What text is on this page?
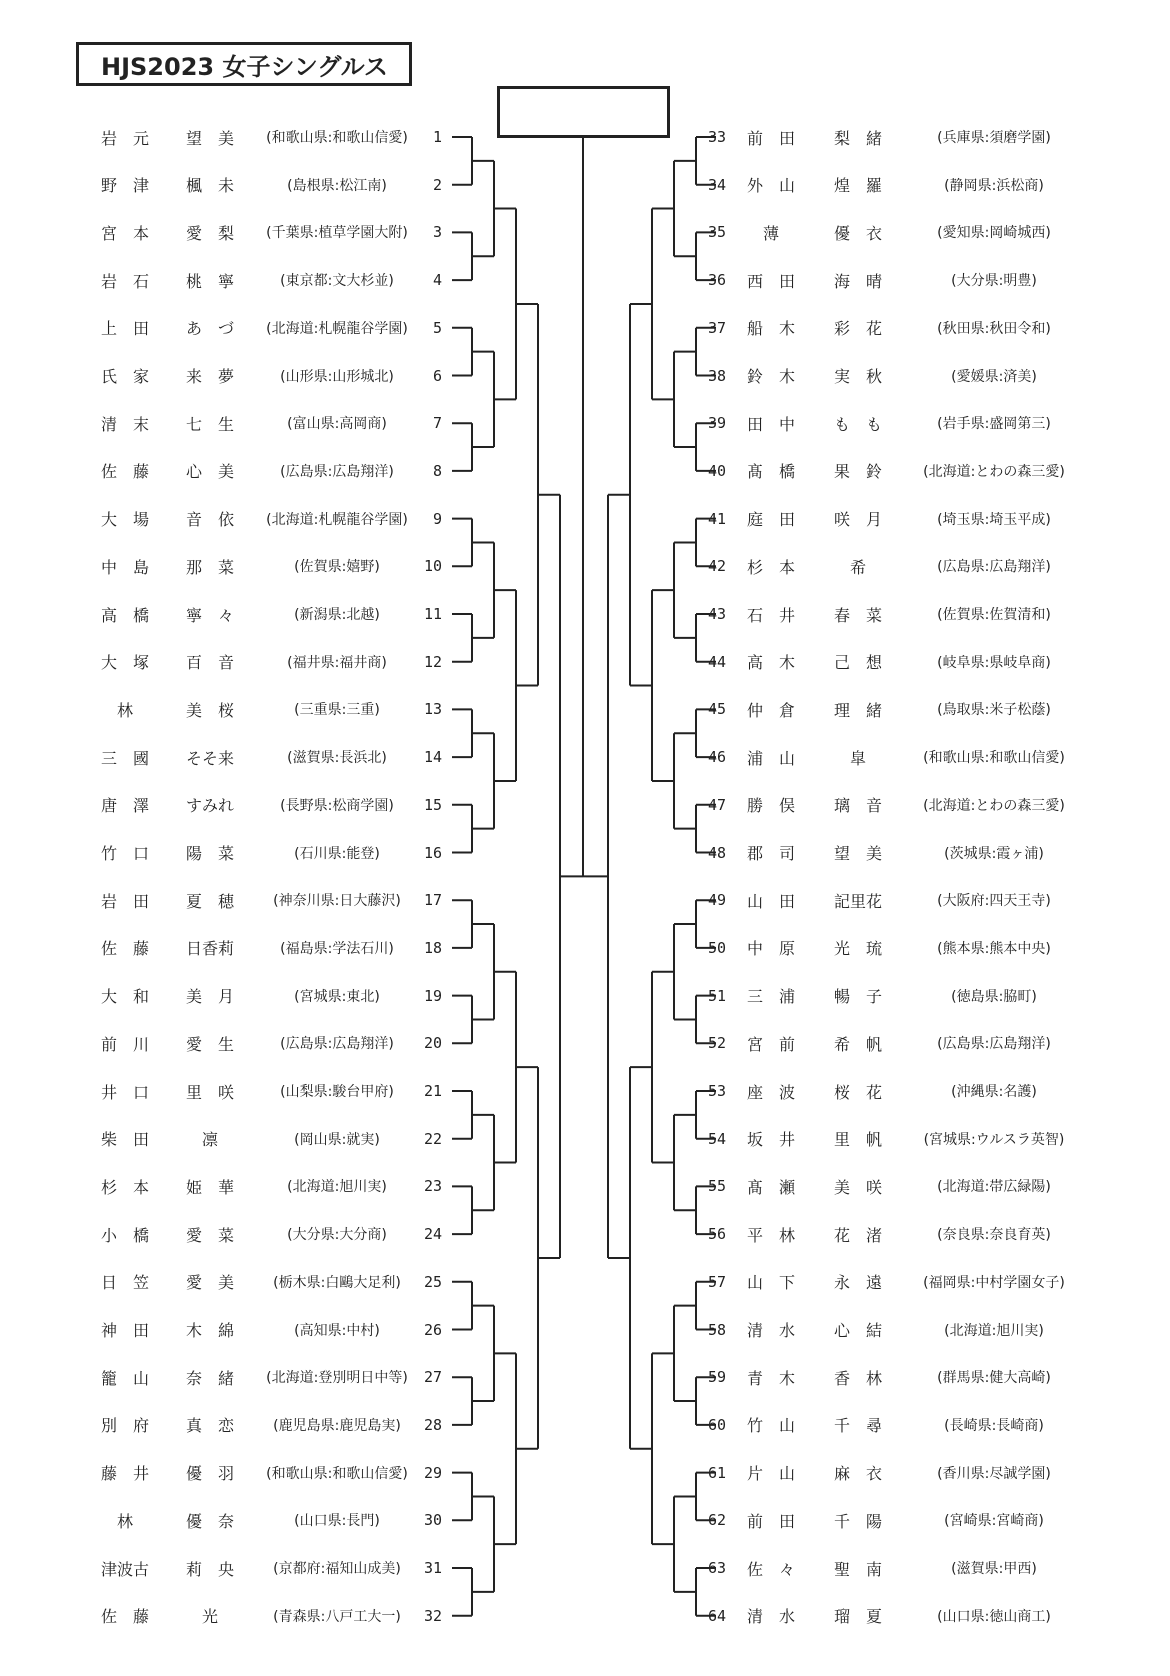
HJS2023 女子シングルス
岩　元	望　美	(和歌山県:和歌山信愛)	1
野　津	楓　未	(島根県:松江南)	2
宮　本	愛　梨	(千葉県:植草学園大附)	3
岩　石	桃　寧	(東京都:文大杉並)	4
上　田	あ　づ	(北海道:札幌龍谷学園)	5
氏　家	来　夢	(山形県:山形城北)	6
清　末	七　生	(富山県:高岡商)	7
佐　藤	心　美	(広島県:広島翔洋)	8
大　場	音　依	(北海道:札幌龍谷学園)	9
中　島	那　菜	(佐賀県:嬉野)	10
高　橋	寧　々	(新潟県:北越)	11
大　塚	百　音	(福井県:福井商)	12
林	美　桜	(三重県:三重)	13
三　國	そそ来	(滋賀県:長浜北)	14
唐　澤	すみれ	(長野県:松商学園)	15
竹　口	陽　菜	(石川県:能登)	16
岩　田	夏　穂	(神奈川県:日大藤沢)	17
佐　藤	日香莉	(福島県:学法石川)	18
大　和	美　月	(宮城県:東北)	19
前　川	愛　生	(広島県:広島翔洋)	20
井　口	里　咲	(山梨県:駿台甲府)	21
柴　田	凛	(岡山県:就実)	22
杉　本	姫　華	(北海道:旭川実)	23
小　橋	愛　菜	(大分県:大分商)	24
日　笠	愛　美	(栃木県:白鷗大足利)	25
神　田	木　綿	(高知県:中村)	26
籠　山	奈　緒	(北海道:登別明日中等)	27
別　府	真　恋	(鹿児島県:鹿児島実)	28
藤　井	優　羽	(和歌山県:和歌山信愛)	29
林	優　奈	(山口県:長門)	30
津波古	莉　央	(京都府:福知山成美)	31
佐　藤	光	(青森県:八戸工大一)	32
33	前　田	梨　緒	(兵庫県:須磨学園)
34	外　山	煌　羅	(静岡県:浜松商)
35	薄	優　衣	(愛知県:岡崎城西)
36	西　田	海　晴	(大分県:明豊)
37	船　木	彩　花	(秋田県:秋田令和)
38	鈴　木	実　秋	(愛媛県:済美)
39	田　中	も　も	(岩手県:盛岡第三)
40	髙　橋	果　鈴	(北海道:とわの森三愛)
41	庭　田	咲　月	(埼玉県:埼玉平成)
42	杉　本	希	(広島県:広島翔洋)
43	石　井	春　菜	(佐賀県:佐賀清和)
44	高　木	己　想	(岐阜県:県岐阜商)
45	仲　倉	理　緒	(鳥取県:米子松蔭)
46	浦　山	皐	(和歌山県:和歌山信愛)
47	勝　俣	璃　音	(北海道:とわの森三愛)
48	郡　司	望　美	(茨城県:霞ヶ浦)
49	山　田	記里花	(大阪府:四天王寺)
50	中　原	光　琉	(熊本県:熊本中央)
51	三　浦	暢　子	(徳島県:脇町)
52	宮　前	希　帆	(広島県:広島翔洋)
53	座　波	桜　花	(沖縄県:名護)
54	坂　井	里　帆	(宮城県:ウルスラ英智)
55	髙　瀬	美　咲	(北海道:帯広緑陽)
56	平　林	花　渚	(奈良県:奈良育英)
57	山　下	永　遠	(福岡県:中村学園女子)
58	清　水	心　結	(北海道:旭川実)
59	青　木	香　林	(群馬県:健大高崎)
60	竹　山	千　尋	(長崎県:長崎商)
61	片　山	麻　衣	(香川県:尽誠学園)
62	前　田	千　陽	(宮崎県:宮崎商)
63	佐　々	聖　南	(滋賀県:甲西)
64	清　水	瑠　夏	(山口県:徳山商工)
